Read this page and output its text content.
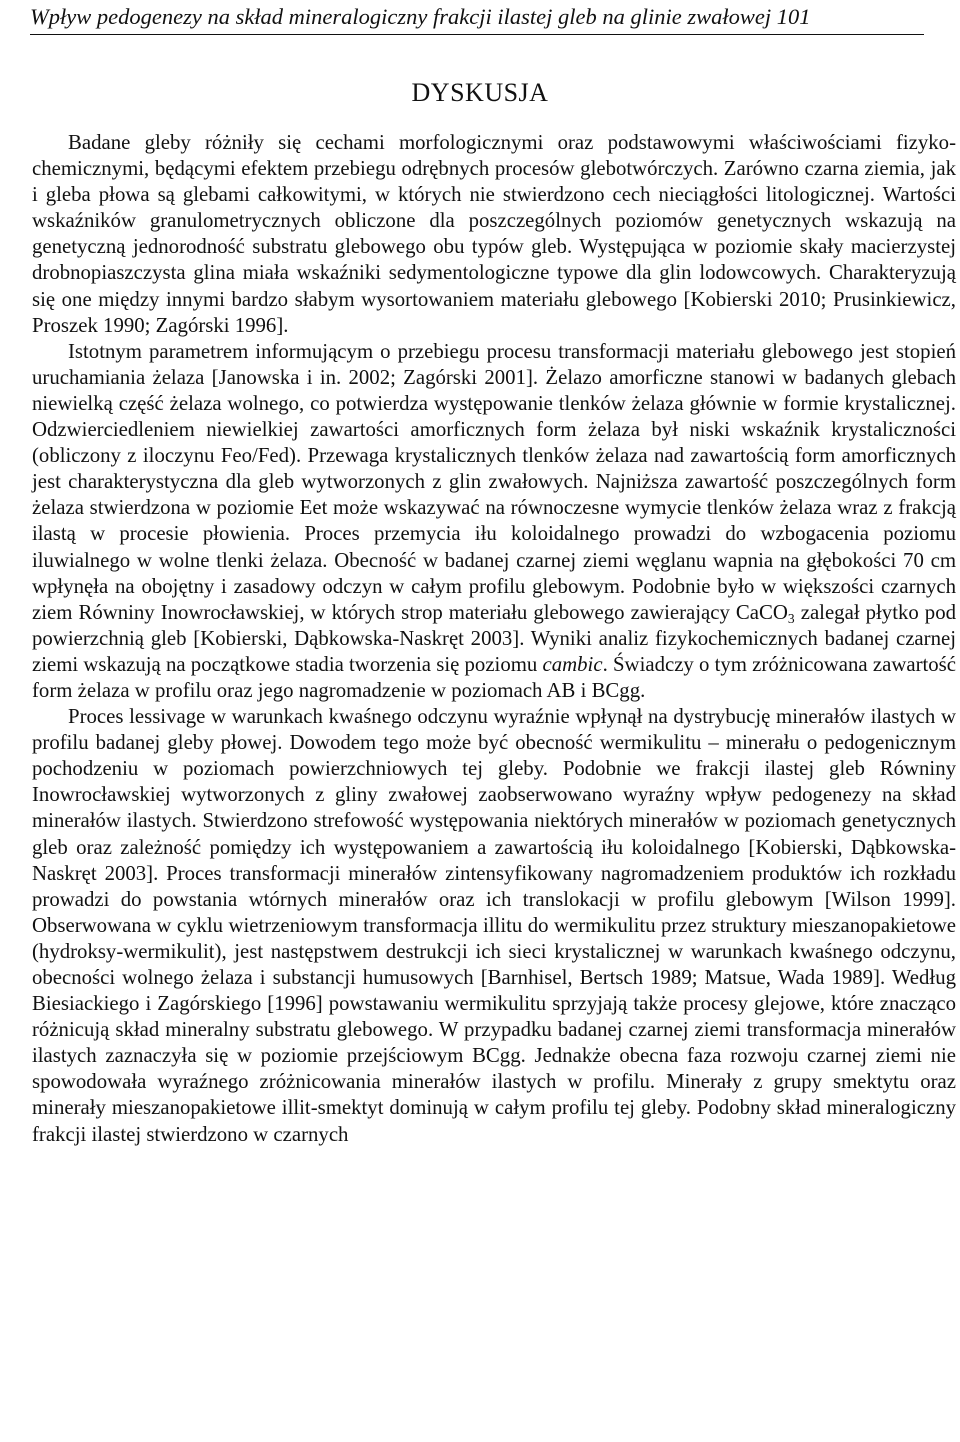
Wpływ pedogenezy na skład mineralogiczny frakcji ilastej gleb na glinie zwałowej 101
DYSKUSJA

Badane gleby różniły się cechami morfologicznymi oraz podstawowymi właściwościami fizyko-chemicznymi, będącymi efektem przebiegu odrębnych procesów glebotwórczych. Zarówno czarna ziemia, jak i gleba płowa są glebami całkowitymi, w których nie stwierdzono cech nieciągłości litologicznej. Wartości wskaźników granulometrycznych obliczone dla poszczególnych poziomów genetycznych wskazują na genetyczną jednorodność substratu glebowego obu typów gleb. Występująca w poziomie skały macierzystej drobnopiaszczysta glina miała wskaźniki sedymentologiczne typowe dla glin lodowcowych. Charakteryzują się one między innymi bardzo słabym wysortowaniem materiału glebowego [Kobierski 2010; Prusinkiewicz, Proszek 1990; Zagórski 1996].

Istotnym parametrem informującym o przebiegu procesu transformacji materiału glebowego jest stopień uruchamiania żelaza [Janowska i in. 2002; Zagórski 2001]. Żelazo amorficzne stanowi w badanych glebach niewielką część żelaza wolnego, co potwierdza występowanie tlenków żelaza głównie w formie krystalicznej. Odzwierciedleniem niewielkiej zawartości amorficznych form żelaza był niski wskaźnik krystaliczności (obliczony z iloczynu Feo/Fed). Przewaga krystalicznych tlenków żelaza nad zawartością form amorficznych jest charakterystyczna dla gleb wytworzonych z glin zwałowych. Najniższa zawartość poszczególnych form żelaza stwierdzona w poziomie Eet może wskazywać na równoczesne wymycie tlenków żelaza wraz z frakcją ilastą w procesie płowienia. Proces przemycia iłu koloidalnego prowadzi do wzbogacenia poziomu iluwialnego w wolne tlenki żelaza. Obecność w badanej czarnej ziemi węglanu wapnia na głębokości 70 cm wpłynęła na obojętny i zasadowy odczyn w całym profilu glebowym. Podobnie było w większości czarnych ziem Równiny Inowrocławskiej, w których strop materiału glebowego zawierający CaCO$_3$ zalegał płytko pod powierzchnią gleb [Kobierski, Dąbkowska-Naskręt 2003]. Wyniki analiz fizykochemicznych badanej czarnej ziemi wskazują na początkowe stadia tworzenia się poziomu cambic. Świadczy o tym zróżnicowana zawartość form żelaza w profilu oraz jego nagromadzenie w poziomach AB i BCgg.

Proces lessivage w warunkach kwaśnego odczynu wyraźnie wpłynął na dystrybucję minerałów ilastych w profilu badanej gleby płowej. Dowodem tego może być obecność wermikulitu – minerału o pedogenicznym pochodzeniu w poziomach powierzchniowych tej gleby. Podobnie we frakcji ilastej gleb Równiny Inowrocławskiej wytworzonych z gliny zwałowej zaobserwowano wyraźny wpływ pedogenezy na skład minerałów ilastych. Stwierdzono strefowość występowania niektórych minerałów w poziomach genetycznych gleb oraz zależność pomiędzy ich występowaniem a zawartością iłu koloidalnego [Kobierski, Dąbkowska-Naskręt 2003]. Proces transformacji minerałów zintensyfikowany nagromadzeniem produktów ich rozkładu prowadzi do powstania wtórnych minerałów oraz ich translokacji w profilu glebowym [Wilson 1999]. Obserwowana w cyklu wietrzeniowym transformacja illitu do wermikulitu przez struktury mieszanopakietowe (hydroksy-wermikulit), jest następstwem destrukcji ich sieci krystalicznej w warunkach kwaśnego odczynu, obecności wolnego żelaza i substancji humusowych [Barnhisel, Bertsch 1989; Matsue, Wada 1989]. Według Biesiackiego i Zagórskiego [1996] powstawaniu wermikulitu sprzyjają także procesy glejowe, które znacząco różnicują skład mineralny substratu glebowego. W przypadku badanej czarnej ziemi transformacja minerałów ilastych zaznaczyła się w poziomie przejściowym BCgg. Jednakże obecna faza rozwoju czarnej ziemi nie spowodowała wyraźnego zróżnicowania minerałów ilastych w profilu. Minerały z grupy smektytu oraz minerały mieszanopakietowe illit-smektyt dominują w całym profilu tej gleby. Podobny skład mineralogiczny frakcji ilastej stwierdzono w czarnych
